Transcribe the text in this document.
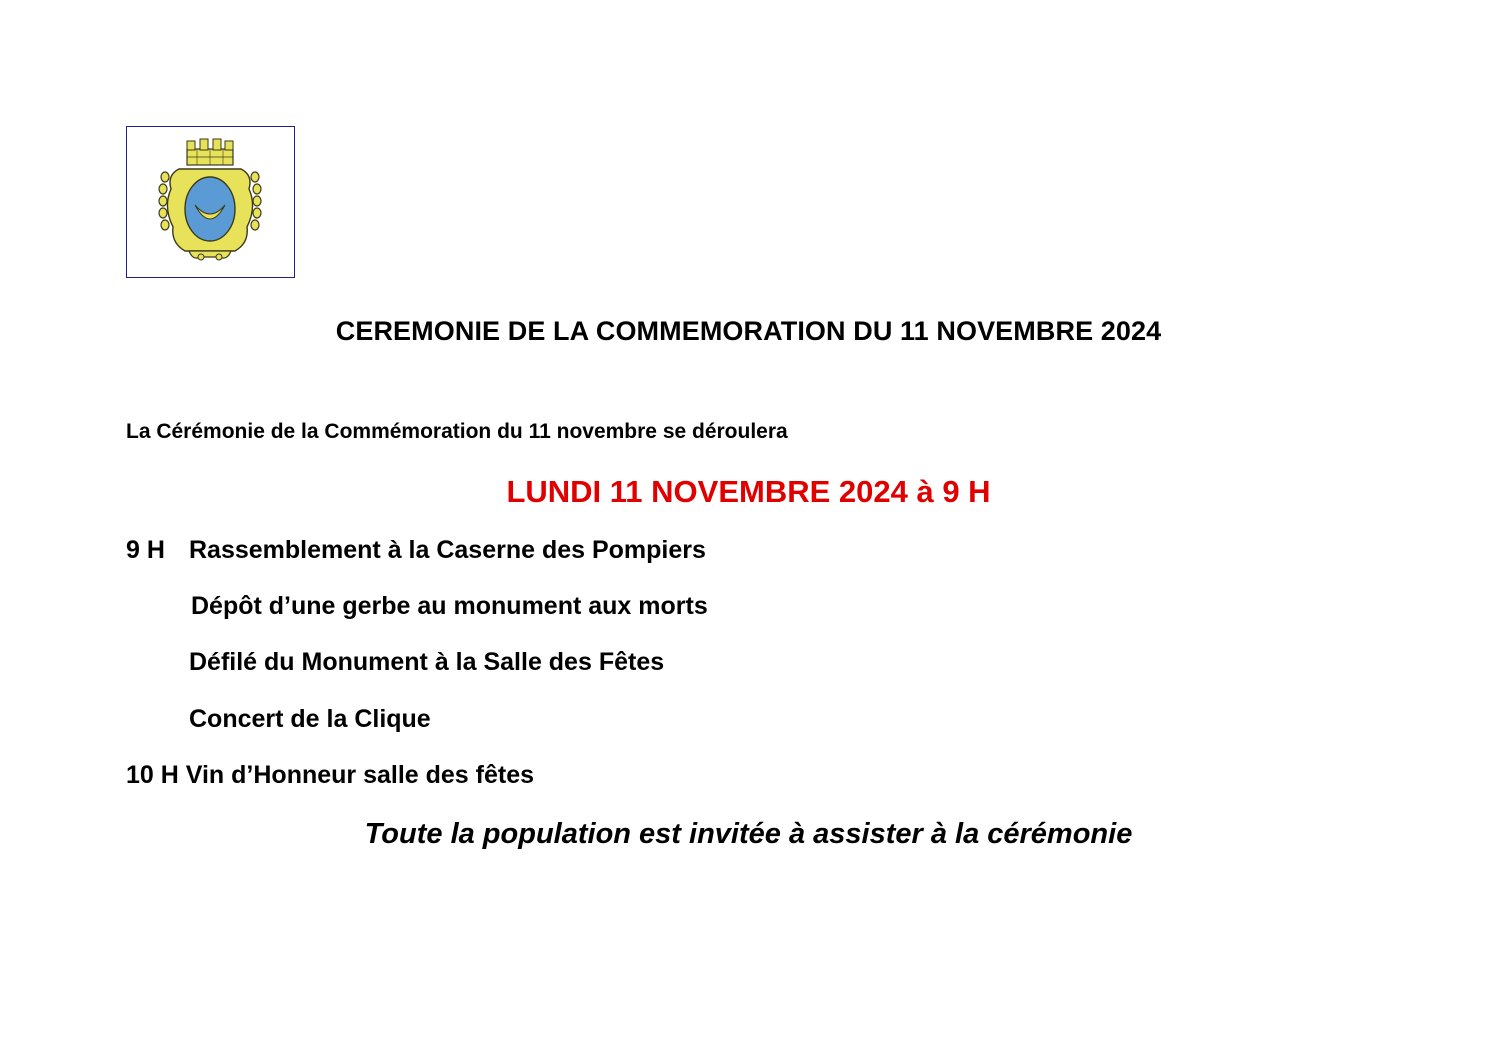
CEREMONIE DE LA COMMEMORATION DU 11 NOVEMBRE 2024

La Cérémonie de la Commémoration du 11 novembre se déroulera

LUNDI 11 NOVEMBRE 2024 à 9 H

9 H Rassemblement à la Caserne des Pompiers

Dépôt d’une gerbe au monument aux morts

Défilé du Monument à la Salle des Fêtes

Concert de la Clique

10 H Vin d’Honneur salle des fêtes

Toute la population est invitée à assister à la cérémonie
